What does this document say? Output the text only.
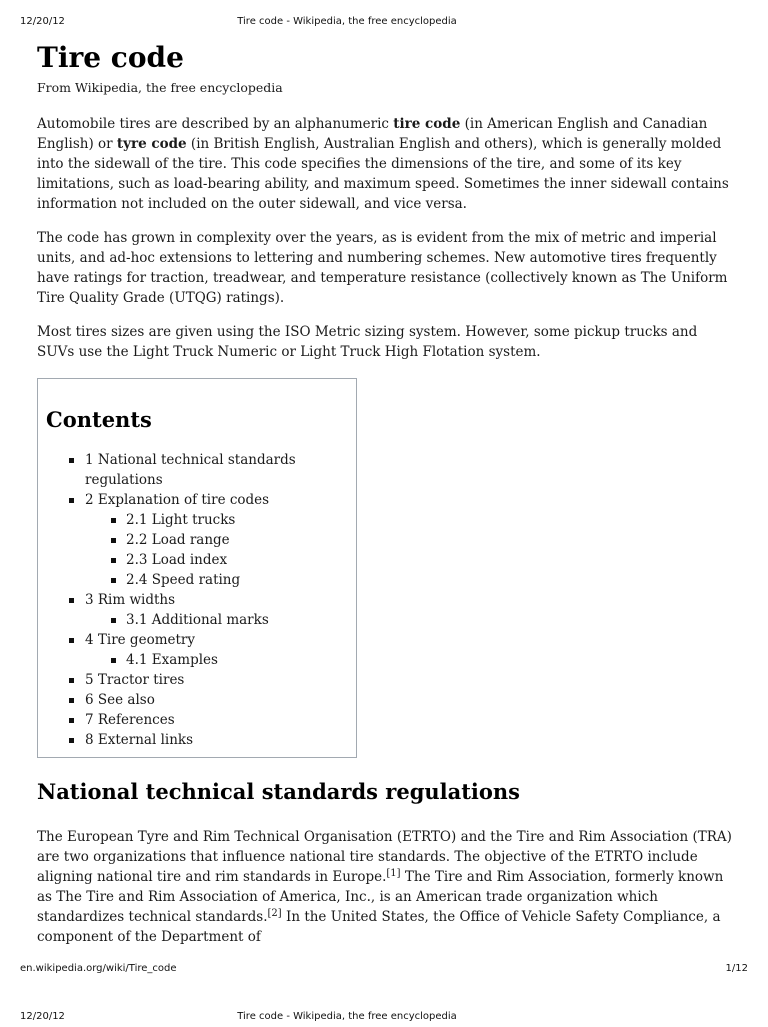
12/20/12	Tire code - Wikipedia, the free encyclopedia
Tire code
From Wikipedia, the free encyclopedia

Automobile tires are described by an alphanumeric tire code (in American English and Canadian English) or tyre code (in British English, Australian English and others), which is generally molded into the sidewall of the tire. This code specifies the dimensions of the tire, and some of its key limitations, such as load-bearing ability, and maximum speed. Sometimes the inner sidewall contains information not included on the outer sidewall, and vice versa.

The code has grown in complexity over the years, as is evident from the mix of metric and imperial units, and ad-hoc extensions to lettering and numbering schemes. New automotive tires frequently have ratings for traction, treadwear, and temperature resistance (collectively known as The Uniform Tire Quality Grade (UTQG) ratings).

Most tires sizes are given using the ISO Metric sizing system. However, some pickup trucks and SUVs use the Light Truck Numeric or Light Truck High Flotation system.

Contents
1 National technical standards regulations
2 Explanation of tire codes
2.1 Light trucks
2.2 Load range
2.3 Load index
2.4 Speed rating
3 Rim widths
3.1 Additional marks
4 Tire geometry
4.1 Examples
5 Tractor tires
6 See also
7 References
8 External links
National technical standards regulations

The European Tyre and Rim Technical Organisation (ETRTO) and the Tire and Rim Association (TRA) are two organizations that influence national tire standards. The objective of the ETRTO include aligning national tire and rim standards in Europe.[1] The Tire and Rim Association, formerly known as The Tire and Rim Association of America, Inc., is an American trade organization which standardizes technical standards.[2] In the United States, the Office of Vehicle Safety Compliance, a component of the Department of

en.wikipedia.org/wiki/Tire_code	1/12
12/20/12	Tire code - Wikipedia, the free encyclopedia
